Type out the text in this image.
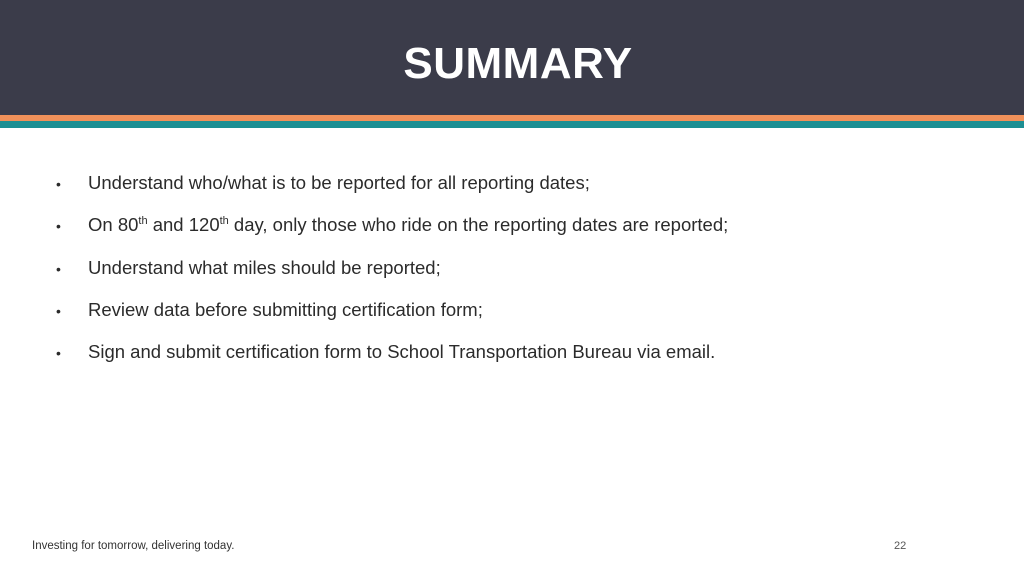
SUMMARY
•	Understand who/what is to be reported for all reporting dates;
•	On 80th and 120th day, only those who ride on the reporting dates are reported;
•	Understand what miles should be reported;
•	Review data before submitting certification form;
•	Sign and submit certification form to School Transportation Bureau via email.
Investing for tomorrow, delivering today.	22
